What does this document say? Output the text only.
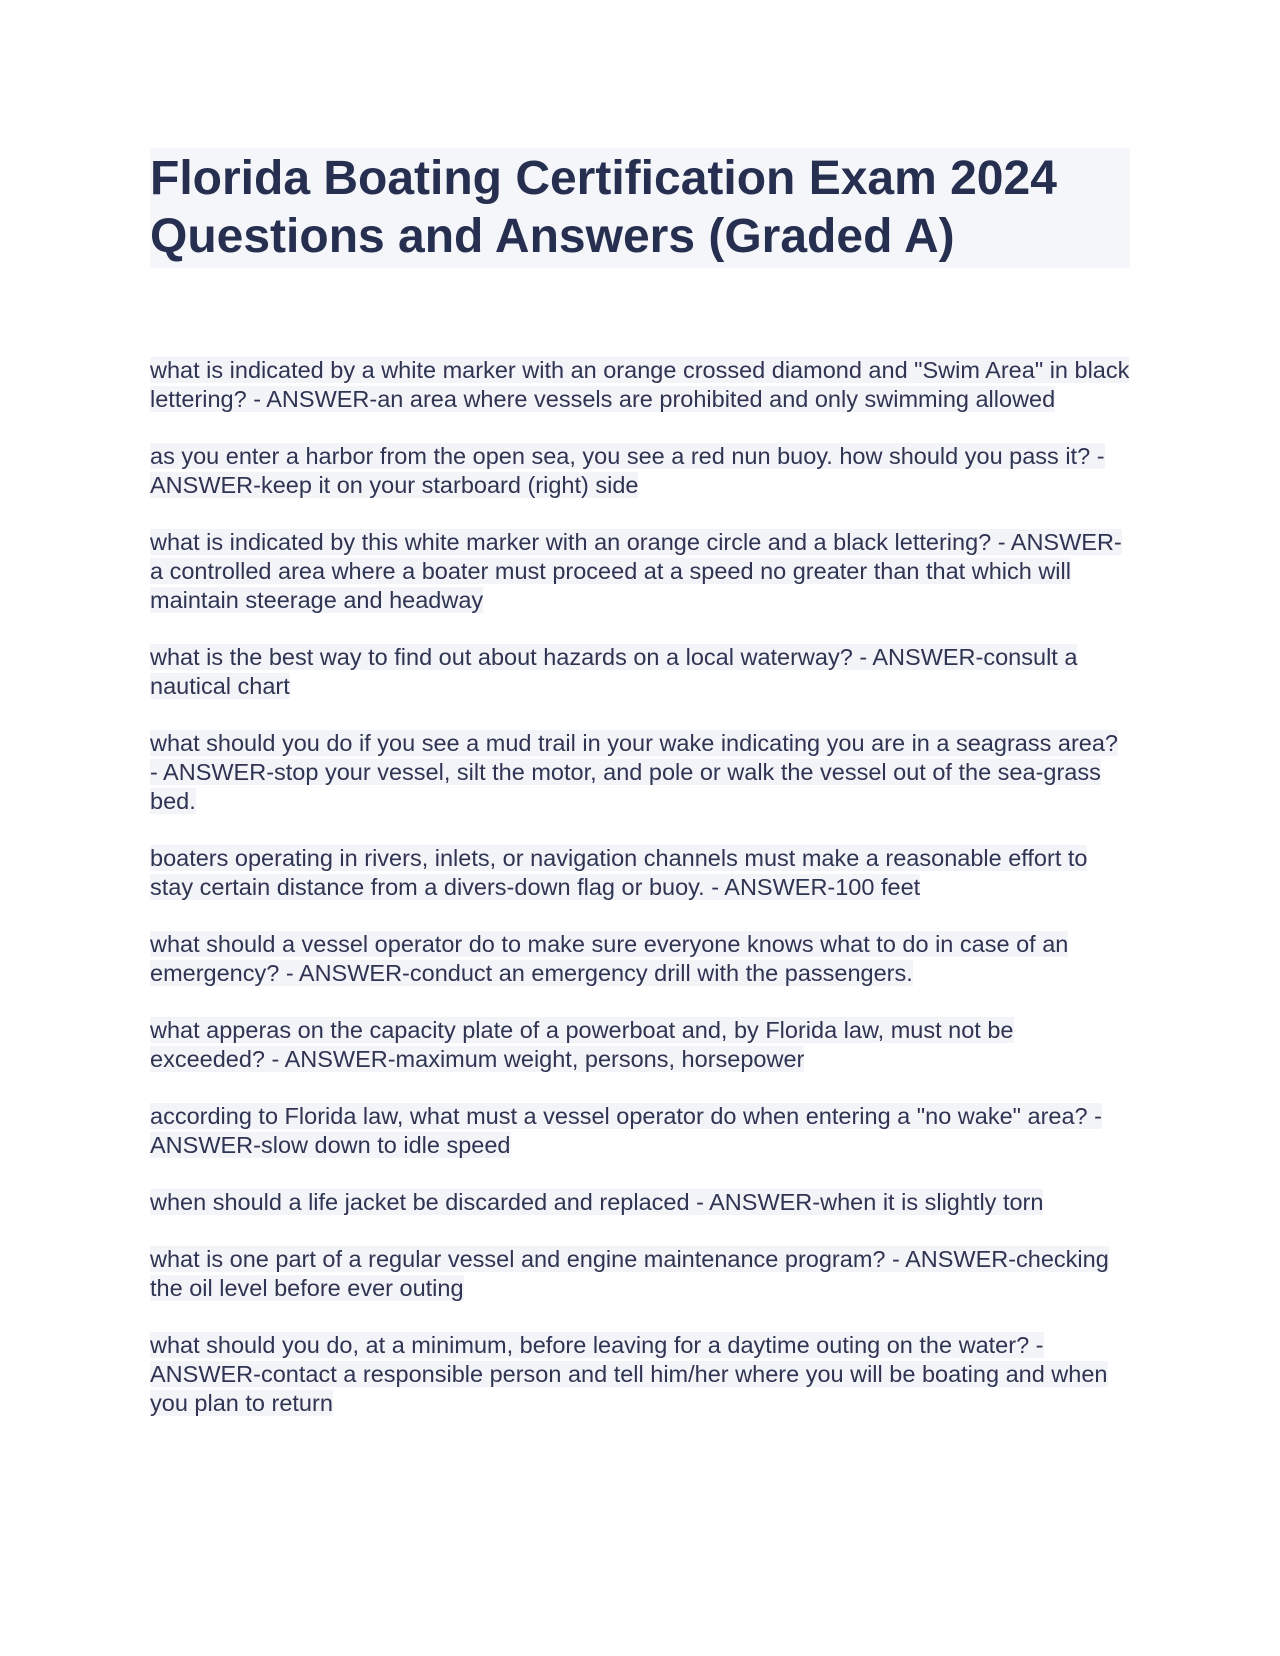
Florida Boating Certification Exam 2024 Questions and Answers (Graded A)

what is indicated by a white marker with an orange crossed diamond and "Swim Area" in black lettering? - ANSWER-an area where vessels are prohibited and only swimming allowed

as you enter a harbor from the open sea, you see a red nun buoy. how should you pass it? - ANSWER-keep it on your starboard (right) side

what is indicated by this white marker with an orange circle and a black lettering? - ANSWER-a controlled area where a boater must proceed at a speed no greater than that which will maintain steerage and headway

what is the best way to find out about hazards on a local waterway? - ANSWER-consult a nautical chart

what should you do if you see a mud trail in your wake indicating you are in a seagrass area? - ANSWER-stop your vessel, silt the motor, and pole or walk the vessel out of the sea-grass bed.

boaters operating in rivers, inlets, or navigation channels must make a reasonable effort to stay certain distance from a divers-down flag or buoy. - ANSWER-100 feet

what should a vessel operator do to make sure everyone knows what to do in case of an emergency? - ANSWER-conduct an emergency drill with the passengers.

what apperas on the capacity plate of a powerboat and, by Florida law, must not be exceeded? - ANSWER-maximum weight, persons, horsepower

according to Florida law, what must a vessel operator do when entering a "no wake" area? - ANSWER-slow down to idle speed

when should a life jacket be discarded and replaced - ANSWER-when it is slightly torn

what is one part of a regular vessel and engine maintenance program? - ANSWER-checking the oil level before ever outing

what should you do, at a minimum, before leaving for a daytime outing on the water? - ANSWER-contact a responsible person and tell him/her where you will be boating and when you plan to return
